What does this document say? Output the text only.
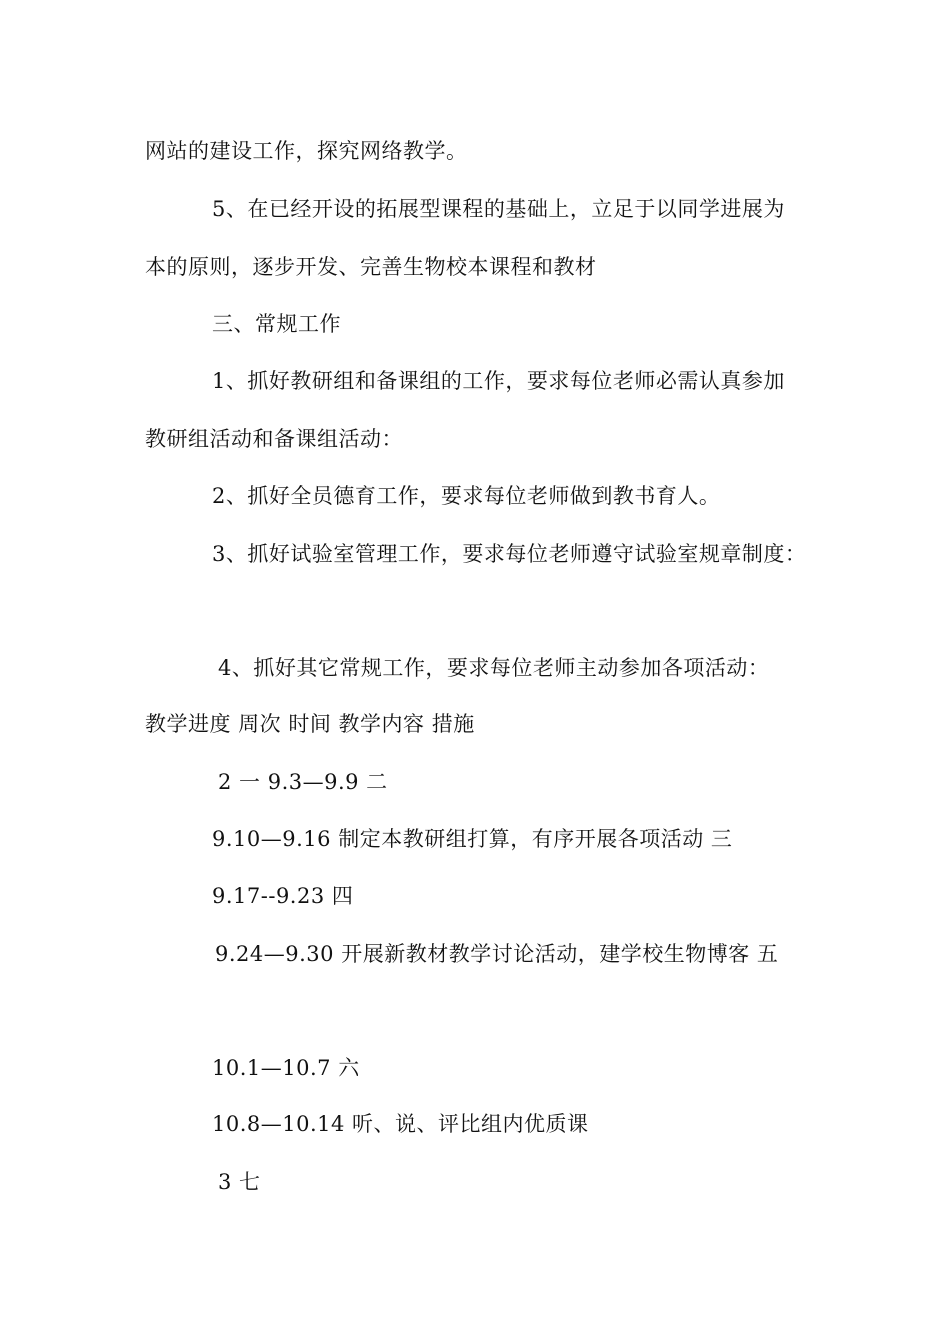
网站的建设工作，探究网络教学。
5、在已经开设的拓展型课程的基础上，立足于以同学进展为
本的原则，逐步开发、完善生物校本课程和教材
三、常规工作
1、抓好教研组和备课组的工作，要求每位老师必需认真参加
教研组活动和备课组活动：
2、抓好全员德育工作，要求每位老师做到教书育人。
3、抓好试验室管理工作，要求每位老师遵守试验室规章制度：
4、抓好其它常规工作，要求每位老师主动参加各项活动：
教学进度 周次 时间 教学内容 措施
2 一 9.3—9.9 二
9.10—9.16 制定本教研组打算，有序开展各项活动 三
9.17--9.23 四
9.24—9.30 开展新教材教学讨论活动，建学校生物博客 五
10.1—10.7 六
10.8—10.14 听、说、评比组内优质课
3 七
